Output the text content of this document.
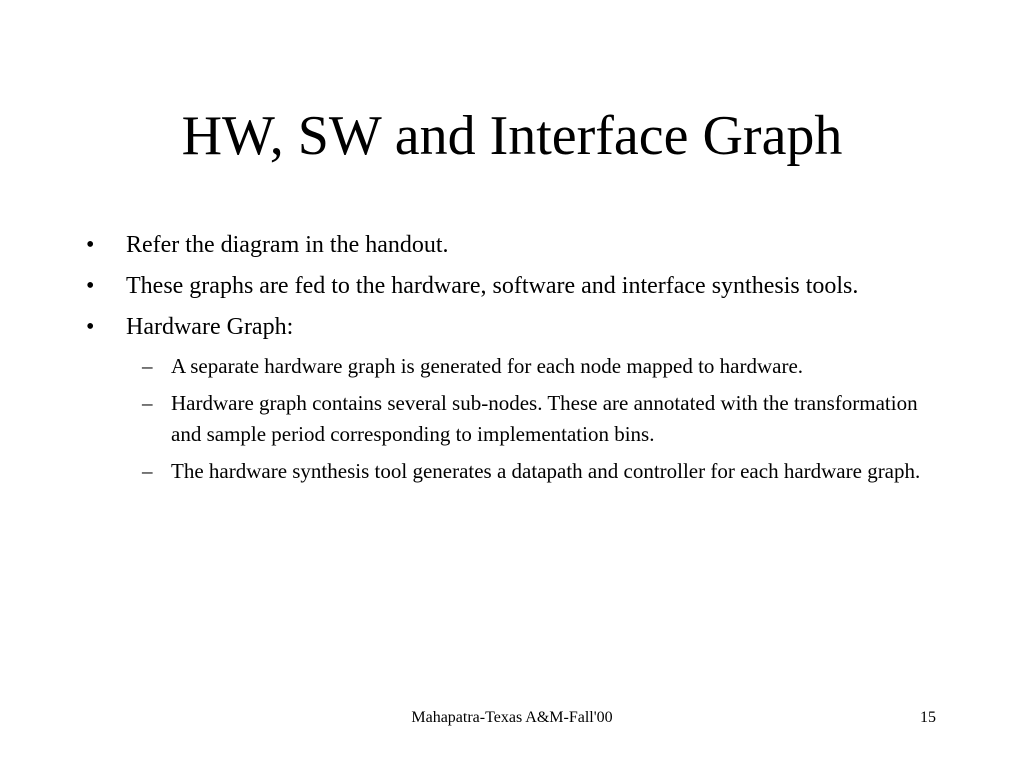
HW, SW and Interface Graph
•	Refer the diagram in the handout.
•	These graphs are fed to the hardware, software and interface synthesis tools.
•	Hardware Graph:
– A separate hardware graph is generated for each node mapped to hardware.
– Hardware graph contains several sub-nodes. These are annotated with the transformation and sample period corresponding to implementation bins.
– The hardware synthesis tool generates a datapath and controller for each hardware graph.
Mahapatra-Texas A&M-Fall'00	15
